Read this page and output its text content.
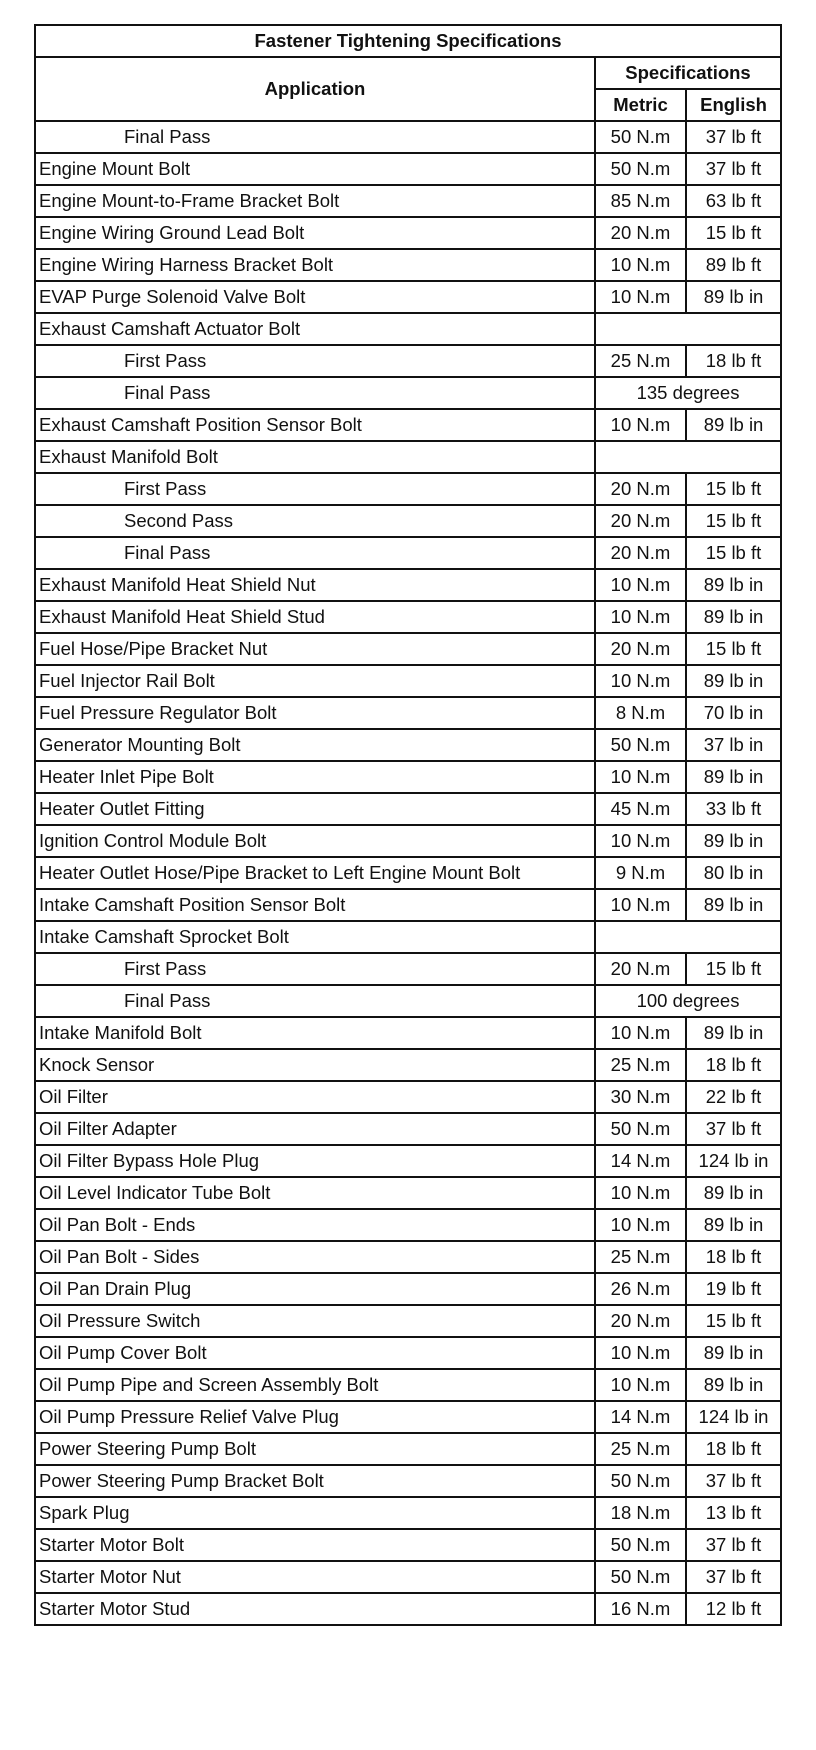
Fastener Tightening Specifications		
Application	Specifications	
	Metric	English
Final Pass	50 N.m	37 lb ft
Engine Mount Bolt	50 N.m	37 lb ft
Engine Mount-to-Frame Bracket Bolt	85 N.m	63 lb ft
Engine Wiring Ground Lead Bolt	20 N.m	15 lb ft
Engine Wiring Harness Bracket Bolt	10 N.m	89 lb ft
EVAP Purge Solenoid Valve Bolt	10 N.m	89 lb in
Exhaust Camshaft Actuator Bolt		
First Pass	25 N.m	18 lb ft
Final Pass	135 degrees	
Exhaust Camshaft Position Sensor Bolt	10 N.m	89 lb in
Exhaust Manifold Bolt		
First Pass	20 N.m	15 lb ft
Second Pass	20 N.m	15 lb ft
Final Pass	20 N.m	15 lb ft
Exhaust Manifold Heat Shield Nut	10 N.m	89 lb in
Exhaust Manifold Heat Shield Stud	10 N.m	89 lb in
Fuel Hose/Pipe Bracket Nut	20 N.m	15 lb ft
Fuel Injector Rail Bolt	10 N.m	89 lb in
Fuel Pressure Regulator Bolt	8 N.m	70 lb in
Generator Mounting Bolt	50 N.m	37 lb in
Heater Inlet Pipe Bolt	10 N.m	89 lb in
Heater Outlet Fitting	45 N.m	33 lb ft
Ignition Control Module Bolt	10 N.m	89 lb in
Heater Outlet Hose/Pipe Bracket to Left Engine Mount Bolt	9 N.m	80 lb in
Intake Camshaft Position Sensor Bolt	10 N.m	89 lb in
Intake Camshaft Sprocket Bolt		
First Pass	20 N.m	15 lb ft
Final Pass	100 degrees	
Intake Manifold Bolt	10 N.m	89 lb in
Knock Sensor	25 N.m	18 lb ft
Oil Filter	30 N.m	22 lb ft
Oil Filter Adapter	50 N.m	37 lb ft
Oil Filter Bypass Hole Plug	14 N.m	124 lb in
Oil Level Indicator Tube Bolt	10 N.m	89 lb in
Oil Pan Bolt - Ends	10 N.m	89 lb in
Oil Pan Bolt - Sides	25 N.m	18 lb ft
Oil Pan Drain Plug	26 N.m	19 lb ft
Oil Pressure Switch	20 N.m	15 lb ft
Oil Pump Cover Bolt	10 N.m	89 lb in
Oil Pump Pipe and Screen Assembly Bolt	10 N.m	89 lb in
Oil Pump Pressure Relief Valve Plug	14 N.m	124 lb in
Power Steering Pump Bolt	25 N.m	18 lb ft
Power Steering Pump Bracket Bolt	50 N.m	37 lb ft
Spark Plug	18 N.m	13 lb ft
Starter Motor Bolt	50 N.m	37 lb ft
Starter Motor Nut	50 N.m	37 lb ft
Starter Motor Stud	16 N.m	12 lb ft
